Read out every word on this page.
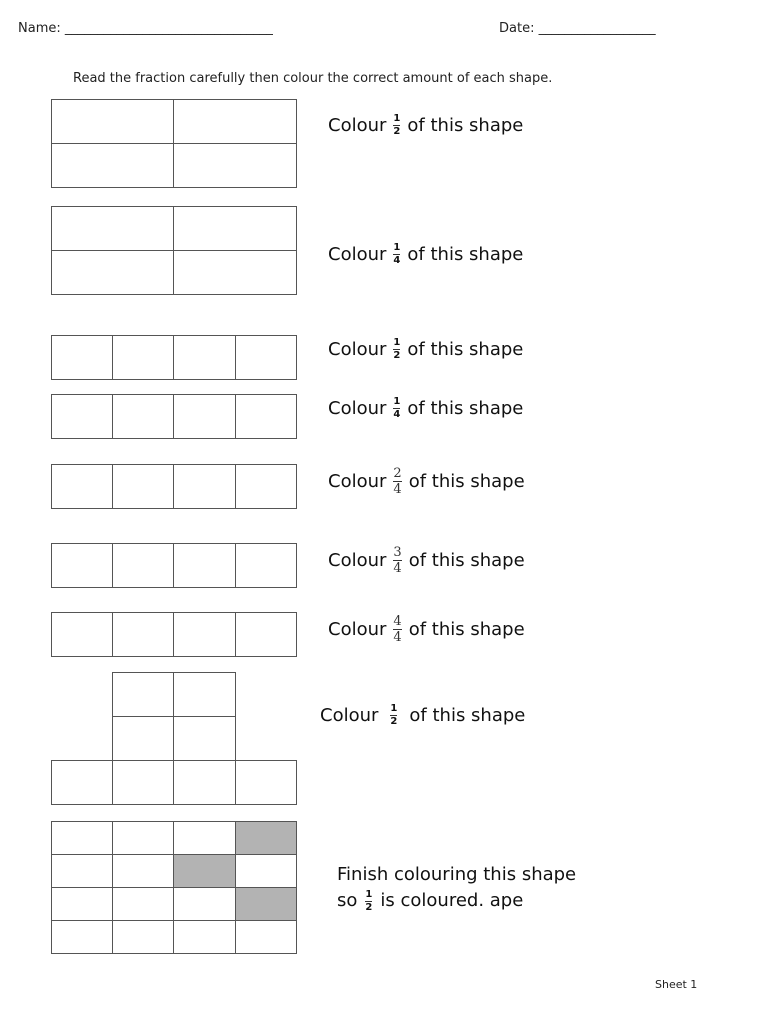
Name: ________________________________	Date: __________________
Read the fraction carefully then colour the correct amount of each shape.
Colour $\frac{1}{2}$ of this shape
Colour $\frac{1}{4}$ of this shape
Colour $\frac{1}{2}$ of this shape
Colour $\frac{1}{4}$ of this shape
Colour $\frac{2}{4}$ of this shape
Colour $\frac{3}{4}$ of this shape
Colour $\frac{4}{4}$ of this shape
Colour $\frac{1}{2}$ of this shape
Finish colouring this shape
so $\frac{1}{2}$ is coloured. ape
Sheet 1
